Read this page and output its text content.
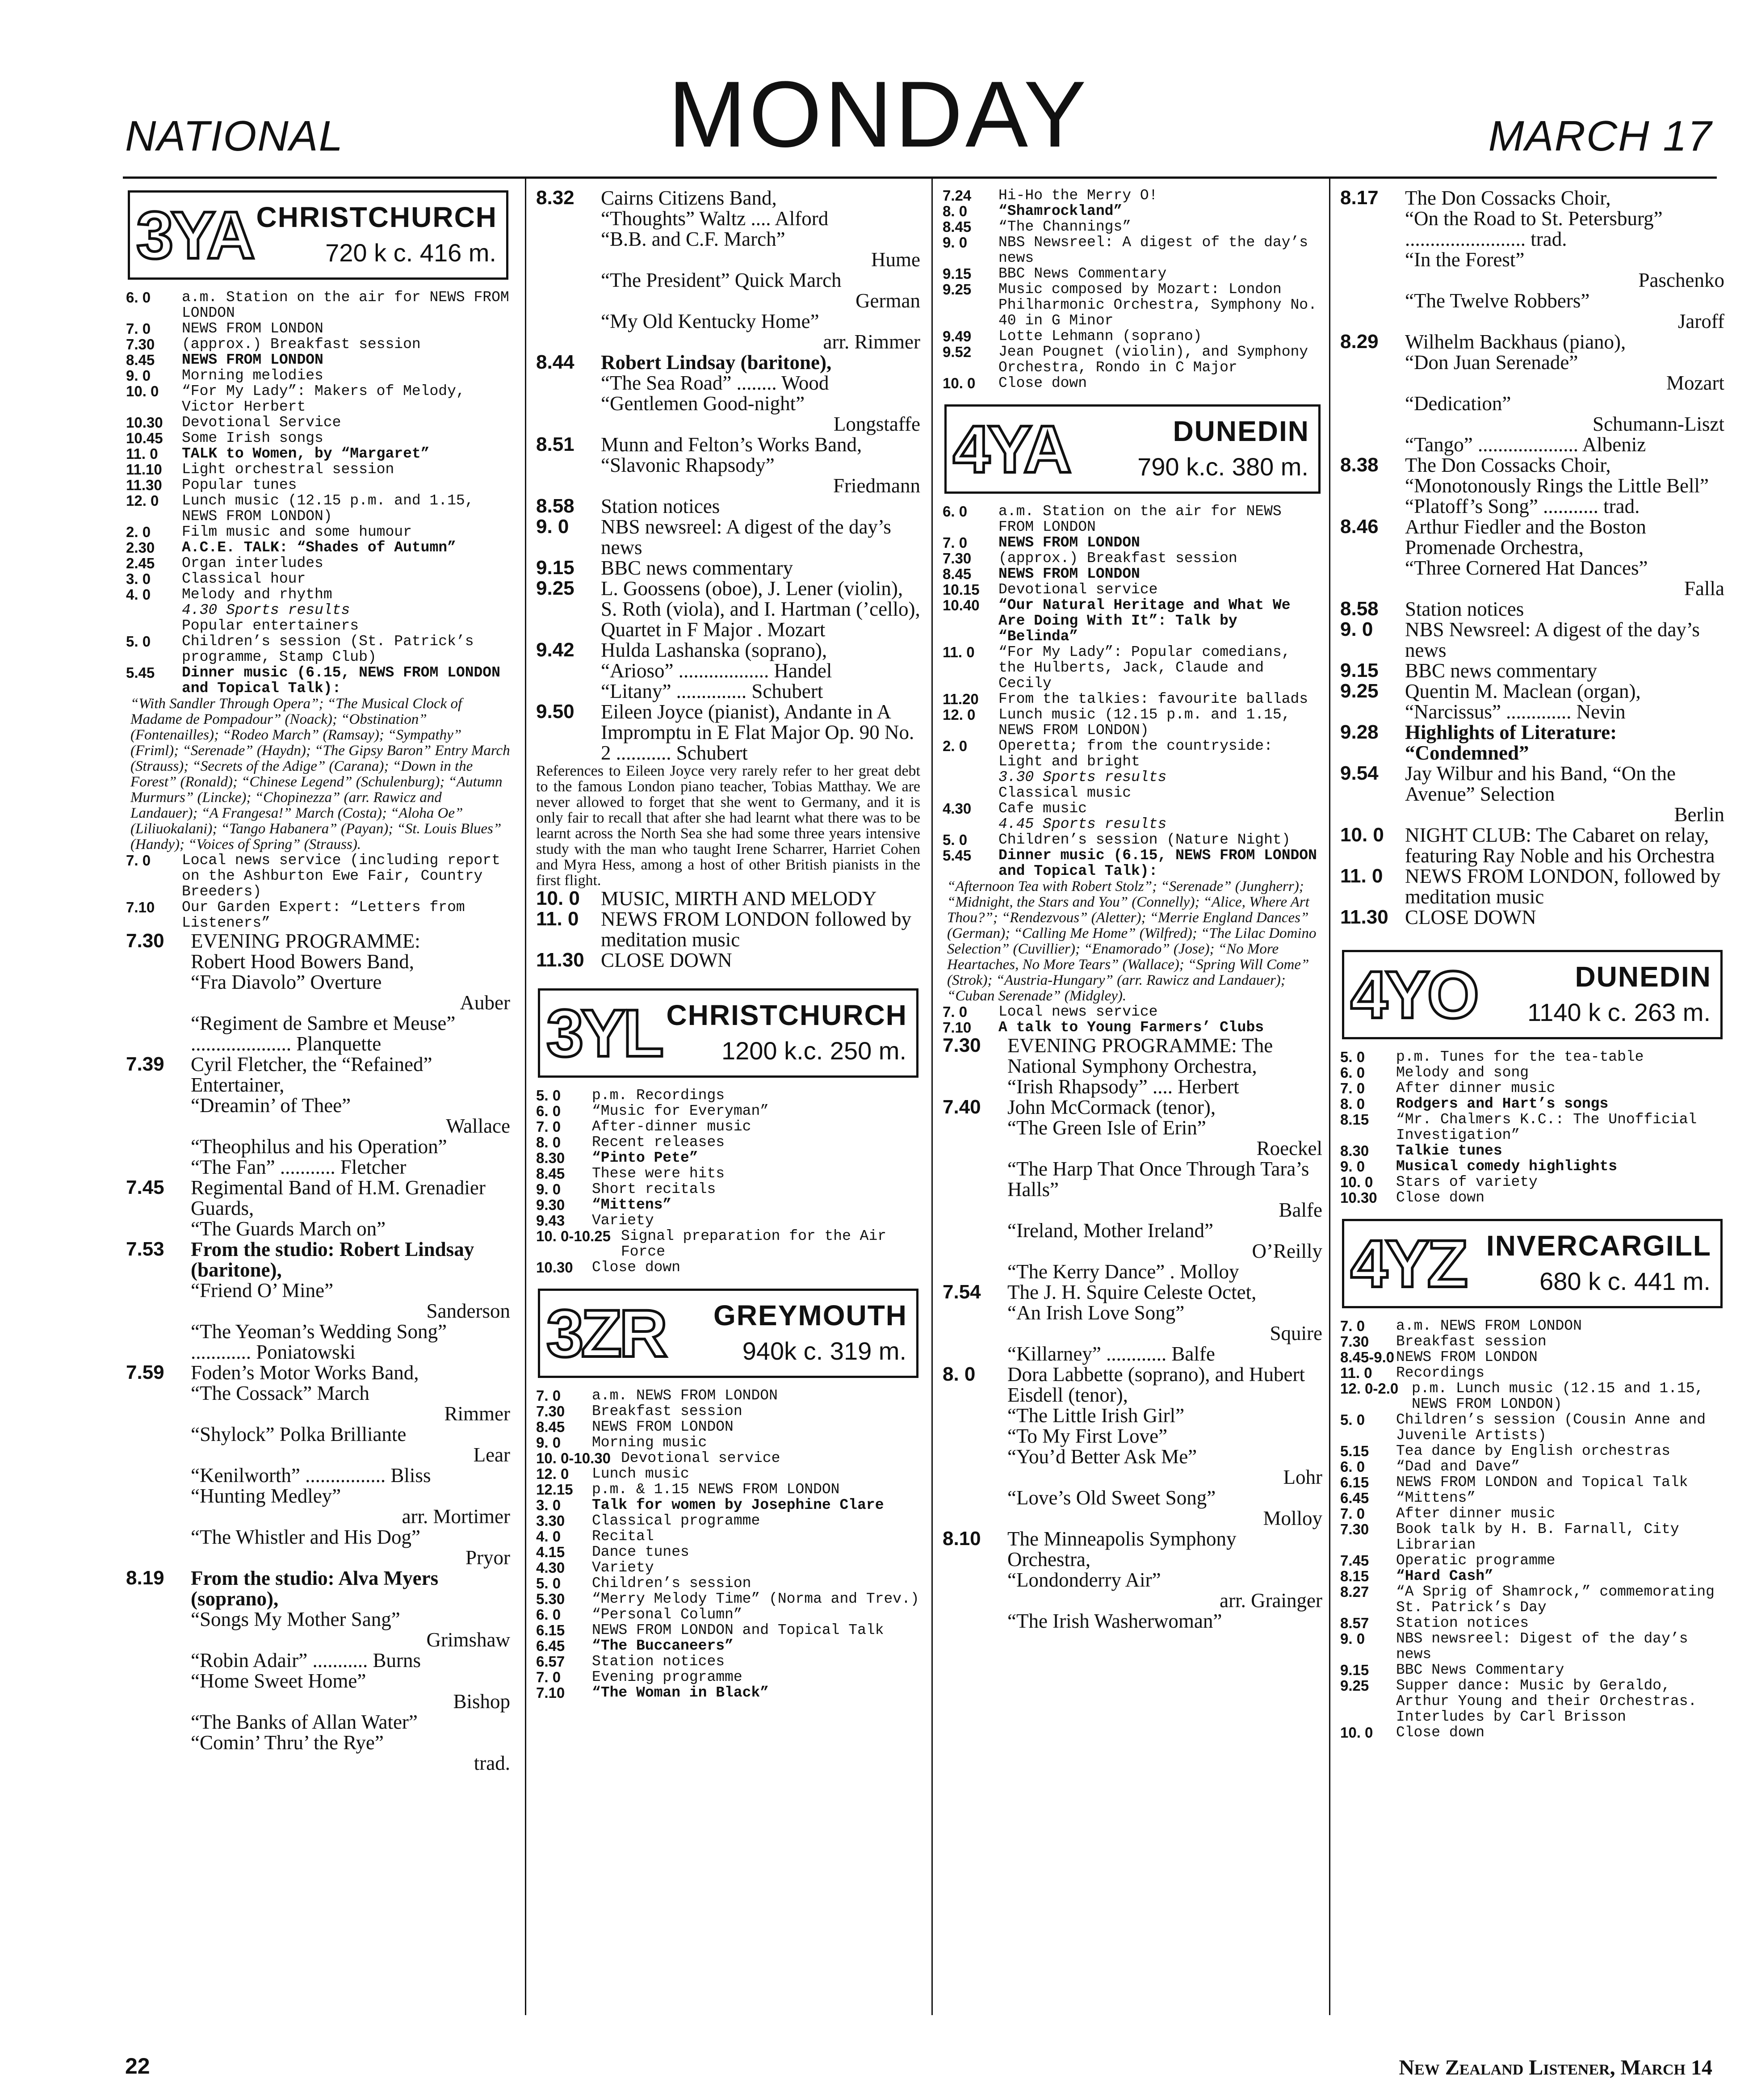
NATIONAL	MONDAY	MARCH 17
3YA CHRISTCHURCH
720 k c. 416 m.
6. 0	a.m. Station on the air for NEWS FROM LONDON
7. 0	NEWS FROM LONDON
7.30	(approx.) Breakfast session
8.45	NEWS FROM LONDON
9. 0	Morning melodies
10. 0	“For My Lady”: Makers of Melody, Victor Herbert
10.30	Devotional Service
10.45	Some Irish songs
11. 0	TALK to Women, by “Margaret”
11.10	Light orchestral session
11.30	Popular tunes
12. 0	Lunch music (12.15 p.m. and 1.15, NEWS FROM LONDON)
2. 0	Film music and some humour
2.30	A.C.E. TALK: “Shades of Autumn”
2.45	Organ interludes
3. 0	Classical hour
4. 0	Melody and rhythm
4.30 Sports results
Popular entertainers
5. 0	Children’s session (St. Patrick’s programme, Stamp Club)
5.45	Dinner music (6.15, NEWS FROM LONDON and Topical Talk):
“With Sandler Through Opera”; “The Musical Clock of Madame de Pompadour” (Noack); “Obstination” (Fontenailles); “Rodeo March” (Ramsay); “Sympathy” (Friml); “Serenade” (Haydn); “The Gipsy Baron” Entry March (Strauss); “Secrets of the Adige” (Carana); “Down in the Forest” (Ronald); “Chinese Legend” (Schulenburg); “Autumn Murmurs” (Lincke); “Chopinezza” (arr. Rawicz and Landauer); “A Frangesa!” March (Costa); “Aloha Oe” (Liliuokalani); “Tango Habanera” (Payan); “St. Louis Blues” (Handy); “Voices of Spring” (Strauss).
7. 0	Local news service (including report on the Ashburton Ewe Fair, Country Breeders)
7.10	Our Garden Expert: “Letters from Listeners”
7.30	EVENING PROGRAMME:
Robert Hood Bowers Band,
“Fra Diavolo” Overture
Auber
“Regiment de Sambre et Meuse” .................... Planquette
7.39	Cyril Fletcher, the “Refained” Entertainer,
“Dreamin’ of Thee”
Wallace
“Theophilus and his Operation”
“The Fan” ........... Fletcher
7.45	Regimental Band of H.M. Grenadier Guards,
“The Guards March on”
7.53	From the studio: Robert Lindsay (baritone),
“Friend O’ Mine”
Sanderson
“The Yeoman’s Wedding Song” ............ Poniatowski
7.59	Foden’s Motor Works Band,
“The Cossack” March
Rimmer
“Shylock” Polka Brilliante
Lear
“Kenilworth” ................ Bliss
“Hunting Medley”
arr. Mortimer
“The Whistler and His Dog”
Pryor
8.19	From the studio: Alva Myers (soprano),
“Songs My Mother Sang”
Grimshaw
“Robin Adair” ........... Burns
“Home Sweet Home”
Bishop
“The Banks of Allan Water”
“Comin’ Thru’ the Rye”
trad.
8.32	Cairns Citizens Band,
“Thoughts” Waltz .... Alford
“B.B. and C.F. March”
Hume
“The President” Quick March
German
“My Old Kentucky Home”
arr. Rimmer
8.44	Robert Lindsay (baritone),
“The Sea Road” ........ Wood
“Gentlemen Good-night”
Longstaffe
8.51	Munn and Felton’s Works Band,
“Slavonic Rhapsody”
Friedmann
8.58	Station notices
9. 0	NBS newsreel: A digest of the day’s news
9.15	BBC news commentary
9.25	L. Goossens (oboe), J. Lener (violin), S. Roth (viola), and I. Hartman (’cello), Quartet in F Major . Mozart
9.42	Hulda Lashanska (soprano),
“Arioso” .................. Handel
“Litany” .............. Schubert
9.50	Eileen Joyce (pianist), Andante in A
Impromptu in E Flat Major Op. 90 No. 2 ........... Schubert
References to Eileen Joyce very rarely refer to her great debt to the famous London piano teacher, Tobias Matthay. We are never allowed to forget that she went to Germany, and it is only fair to recall that after she had learnt what there was to be learnt across the North Sea she had some three years intensive study with the man who taught Irene Scharrer, Harriet Cohen and Myra Hess, among a host of other British pianists in the first flight.
10. 0	MUSIC, MIRTH AND MELODY
11. 0	NEWS FROM LONDON followed by meditation music
11.30 CLOSE DOWN
3YL CHRISTCHURCH
1200 k.c. 250 m.
5. 0	p.m. Recordings
6. 0	“Music for Everyman”
7. 0	After-dinner music
8. 0	Recent releases
8.30	“Pinto Pete”
8.45	These were hits
9. 0	Short recitals
9.30	“Mittens”
9.43	Variety
10. 0-10.25 Signal preparation for the Air Force
10.30	Close down
3ZR GREYMOUTH
940k c. 319 m.
7. 0	a.m. NEWS FROM LONDON
7.30	Breakfast session
8.45	NEWS FROM LONDON
9. 0	Morning music
10. 0-10.30 Devotional service
12. 0	Lunch music
12.15	p.m. & 1.15 NEWS FROM LONDON
3. 0	Talk for women by Josephine Clare
3.30	Classical programme
4. 0	Recital
4.15	Dance tunes
4.30	Variety
5. 0	Children’s session
5.30	“Merry Melody Time” (Norma and Trev.)
6. 0	“Personal Column”
6.15	NEWS FROM LONDON and Topical Talk
6.45	“The Buccaneers”
6.57	Station notices
7. 0	Evening programme
7.10	“The Woman in Black”
7.24	Hi-Ho the Merry O!
8. 0	“Shamrockland”
8.45	“The Channings”
9. 0	NBS Newsreel: A digest of the day’s news
9.15	BBC News Commentary
9.25	Music composed by Mozart: London Philharmonic Orchestra, Symphony No. 40 in G Minor
9.49	Lotte Lehmann (soprano)
9.52	Jean Pougnet (violin), and Symphony Orchestra, Rondo in C Major
10. 0	Close down
4YA	DUNEDIN
790 k.c. 380 m.
6. 0	a.m. Station on the air for NEWS FROM LONDON
7. 0	NEWS FROM LONDON
7.30	(approx.) Breakfast session
8.45	NEWS FROM LONDON
10.15	Devotional service
10.40	“Our Natural Heritage and What We Are Doing With It”: Talk by “Belinda”
11. 0	“For My Lady”: Popular comedians, the Hulberts, Jack, Claude and Cecily
11.20	From the talkies: favourite ballads
12. 0	Lunch music (12.15 p.m. and 1.15, NEWS FROM LONDON)
2. 0	Operetta; from the countryside: Light and bright
3.30 Sports results
Classical music
4.30	Cafe music
4.45 Sports results
5. 0	Children’s session (Nature Night)
5.45	Dinner music (6.15, NEWS FROM LONDON and Topical Talk):
“Afternoon Tea with Robert Stolz”; “Serenade” (Jungherr); “Midnight, the Stars and You” (Connelly); “Alice, Where Art Thou?”; “Rendezvous” (Aletter); “Merrie England Dances” (German); “Calling Me Home” (Wilfred); “The Lilac Domino Selection” (Cuvillier); “Enamorado” (Jose); “No More Heartaches, No More Tears” (Wallace); “Spring Will Come” (Strok); “Austria-Hungary” (arr. Rawicz and Landauer); “Cuban Serenade” (Midgley).
7. 0	Local news service
7.10	A talk to Young Farmers’ Clubs
7.30	EVENING PROGRAMME: The National Symphony Orchestra,
“Irish Rhapsody” .... Herbert
7.40	John McCormack (tenor),
“The Green Isle of Erin”
Roeckel
“The Harp That Once Through Tara’s Halls”
Balfe
“Ireland, Mother Ireland”
O’Reilly
“The Kerry Dance” . Molloy
7.54	The J. H. Squire Celeste Octet,
“An Irish Love Song”
Squire
“Killarney” ............ Balfe
8. 0	Dora Labbette (soprano), and Hubert Eisdell (tenor),
“The Little Irish Girl”
“To My First Love”
“You’d Better Ask Me”
Lohr
“Love’s Old Sweet Song”
Molloy
8.10	The Minneapolis Symphony Orchestra,
“Londonderry Air”
arr. Grainger
“The Irish Washerwoman”
8.17	The Don Cossacks Choir,
“On the Road to St. Petersburg” ........................ trad.
“In the Forest”
Paschenko
“The Twelve Robbers”
Jaroff
8.29	Wilhelm Backhaus (piano),
“Don Juan Serenade”
Mozart
“Dedication”
Schumann-Liszt
“Tango” .................... Albeniz
8.38	The Don Cossacks Choir,
“Monotonously Rings the Little Bell”
“Platoff’s Song” ........... trad.
8.46	Arthur Fiedler and the Boston Promenade Orchestra,
“Three Cornered Hat Dances”
Falla
8.58	Station notices
9. 0	NBS Newsreel: A digest of the day’s news
9.15	BBC news commentary
9.25	Quentin M. Maclean (organ),
“Narcissus” ............. Nevin
9.28	Highlights of Literature: “Condemned”
9.54	Jay Wilbur and his Band, “On the Avenue” Selection
Berlin
10. 0	NIGHT CLUB: The Cabaret on relay, featuring Ray Noble and his Orchestra
11. 0	NEWS FROM LONDON, followed by meditation music
11.30 CLOSE DOWN
4YO	DUNEDIN
1140 k c. 263 m.
5. 0	p.m. Tunes for the tea-table
6. 0	Melody and song
7. 0	After dinner music
8. 0	Rodgers and Hart’s songs
8.15	“Mr. Chalmers K.C.: The Unofficial Investigation”
8.30	Talkie tunes
9. 0	Musical comedy highlights
10. 0	Stars of variety
10.30	Close down
4YZ INVERCARGILL
680 k c. 441 m.
7. 0	a.m. NEWS FROM LONDON
7.30	Breakfast session
8.45-9.0 NEWS FROM LONDON
11. 0	Recordings
12. 0-2.0 p.m. Lunch music (12.15 and 1.15, NEWS FROM LONDON)
5. 0	Children’s session (Cousin Anne and Juvenile Artists)
5.15	Tea dance by English orchestras
6. 0	“Dad and Dave”
6.15	NEWS FROM LONDON and Topical Talk
6.45	“Mittens”
7. 0	After dinner music
7.30	Book talk by H. B. Farnall, City Librarian
7.45	Operatic programme
8.15	“Hard Cash”
8.27	“A Sprig of Shamrock,” commemorating St. Patrick’s Day
8.57	Station notices
9. 0	NBS newsreel: Digest of the day’s news
9.15	BBC News Commentary
9.25	Supper dance: Music by Geraldo, Arthur Young and their Orchestras. Interludes by Carl Brisson
10. 0	Close down
22	New Zealand Listener, March 14
